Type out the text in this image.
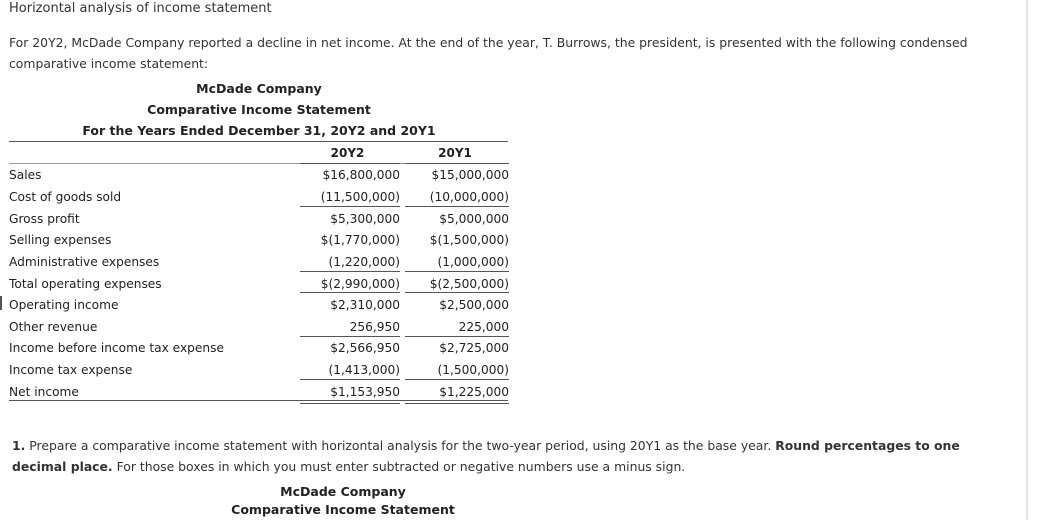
Horizontal analysis of income statement
For 20Y2, McDade Company reported a decline in net income. At the end of the year, T. Burrows, the president, is presented with the following condensed comparative income statement:
McDade Company
Comparative Income Statement
For the Years Ended December 31, 20Y2 and 20Y1
20Y2	20Y1
Sales
Cost of goods sold
Gross profit
Selling expenses
Administrative expenses
Total operating expenses
Operating income
Other revenue
Income before income tax expense
Income tax expense
Net income
$16,800,000
(11,500,000)
$5,300,000
$(1,770,000)
(1,220,000)
$(2,990,000)
$2,310,000
256,950
$2,566,950
(1,413,000)
$1,153,950
$15,000,000
(10,000,000)
$5,000,000
$(1,500,000)
(1,000,000)
$(2,500,000)
$2,500,000
225,000
$2,725,000
(1,500,000)
$1,225,000
1. Prepare a comparative income statement with horizontal analysis for the two-year period, using 20Y1 as the base year. Round percentages to one decimal place. For those boxes in which you must enter subtracted or negative numbers use a minus sign.
McDade Company
Comparative Income Statement
